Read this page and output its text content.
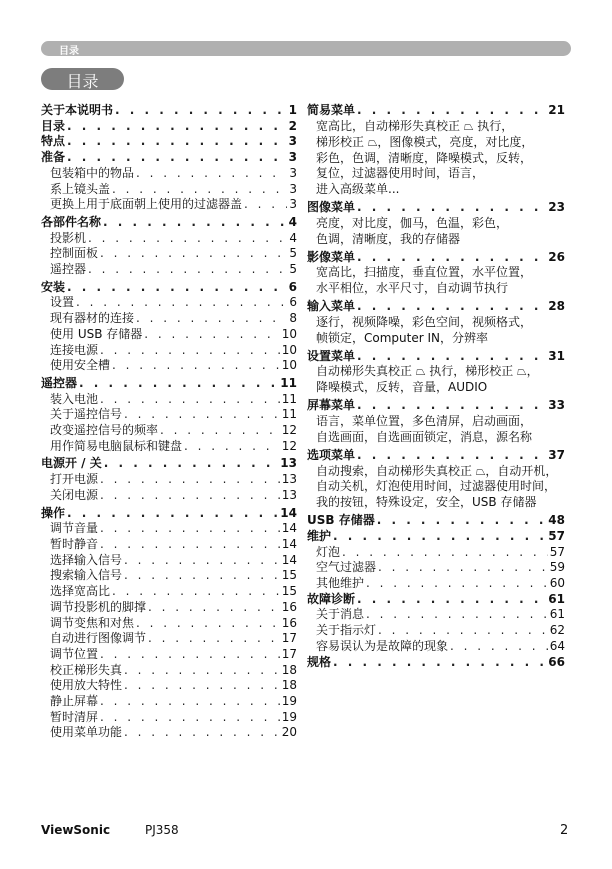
目录
目录
关于本说明书 . . .	1
目录 . . .	2
特点 . . .	3
准备 . . .	3
包装箱中的物品 . . .	3
系上镜头盖 . . .	3
更换上用于底面朝上使用的过滤器盖 . . .	3
各部件名称 . . .	4
投影机 . . .	4
控制面板 . . .	5
遥控器 . . .	5
安装 . . .	6
设置 . . .	6
现有器材的连接 . . .	8
使用 USB 存储器 . . .	10
连接电源 . . .	10
使用安全槽 . . .	10
遥控器 . . .	11
装入电池 . . .	11
关于遥控信号 . . .	11
改变遥控信号的频率 . . .	12
用作简易电脑鼠标和键盘 . . .	12
电源开 / 关 . . .	13
打开电源 . . .	13
关闭电源 . . .	13
操作 . . .	14
调节音量 . . .	14
暂时静音 . . .	14
选择输入信号 . . .	14
搜索输入信号 . . .	15
选择宽高比 . . .	15
调节投影机的脚撑 . . .	16
调节变焦和对焦 . . .	16
自动进行图像调节 . . .	17
调节位置 . . .	17
校正梯形失真 . . .	18
使用放大特性 . . .	18
静止屏幕 . . .	19
暂时清屏 . . .	19
使用菜单功能 . . .	20
简易菜单 . . .	21
宽高比，自动梯形失真校正 ⏢ 执行，
梯形校正 ⏢，图像模式，亮度，对比度，
彩色，色调，清晰度，降噪模式，反转，
复位，过滤器使用时间，语言，
进入高级菜单...
图像菜单 . . .	23
亮度，对比度，伽马，色温，彩色，
色调，清晰度，我的存储器
影像菜单 . . .	26
宽高比，扫描度，垂直位置，水平位置，
水平相位，水平尺寸，自动调节执行
输入菜单 . . .	28
逐行，视频降噪，彩色空间，视频格式，
帧锁定，Computer IN，分辨率
设置菜单 . . .	31
自动梯形失真校正 ⏢ 执行，梯形校正 ⏢，
降噪模式，反转，音量，AUDIO
屏幕菜单 . . .	33
语言，菜单位置，多色清屏，启动画面，
自选画面，自选画面锁定，消息，源名称
选项菜单 . . .	37
自动搜索，自动梯形失真校正 ⏢，自动开机，
自动关机，灯泡使用时间，过滤器使用时间，
我的按钮，特殊设定，安全，USB 存储器
USB 存储器 . . .	48
维护 . . .	57
灯泡 . . .	57
空气过滤器 . . .	59
其他维护 . . .	60
故障诊断 . . .	61
关于消息 . . .	61
关于指示灯 . . .	62
容易误认为是故障的现象 . . .	64
规格 . . .	66
ViewSonic	PJ358	2
